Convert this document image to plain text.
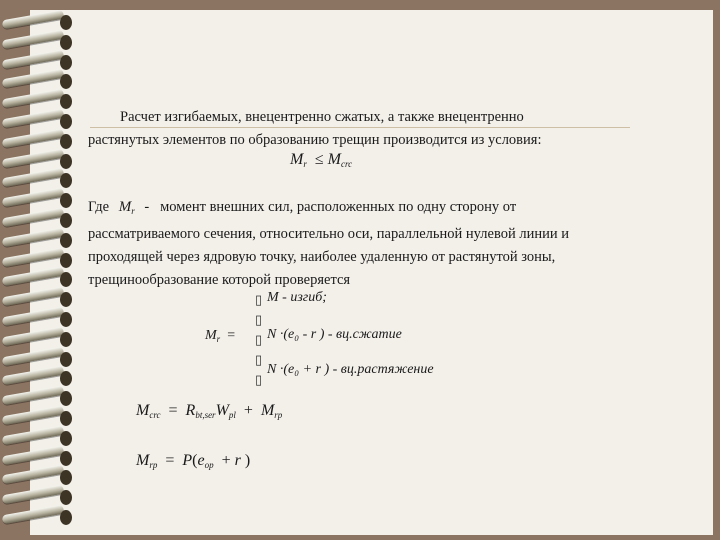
Расчет изгибаемых, внецентренно сжатых, а также внецентренно
растянутых элементов по образованию трещин производится из условия:
$M_r \le M_{crc}$
Где $M_r$ - момент внешних сил, расположенных по одну сторону от
рассматриваемого сечения, относительно оси, параллельной нулевой линии и
проходящей через ядровую точку, наиболее удаленную от растянутой зоны,
трещинообразование которой проверяется
$M_r$ =
▯
▯
▯
▯
▯
M - изгиб;
N ·(e₀ - r ) - вц.сжатие
N ·(e₀ + r ) - вц.растяжение
$M_{crc} = R_{bt,ser}W_{pl} + M_{rp}$
$M_{rp} = P(e_{op} + r$ )
